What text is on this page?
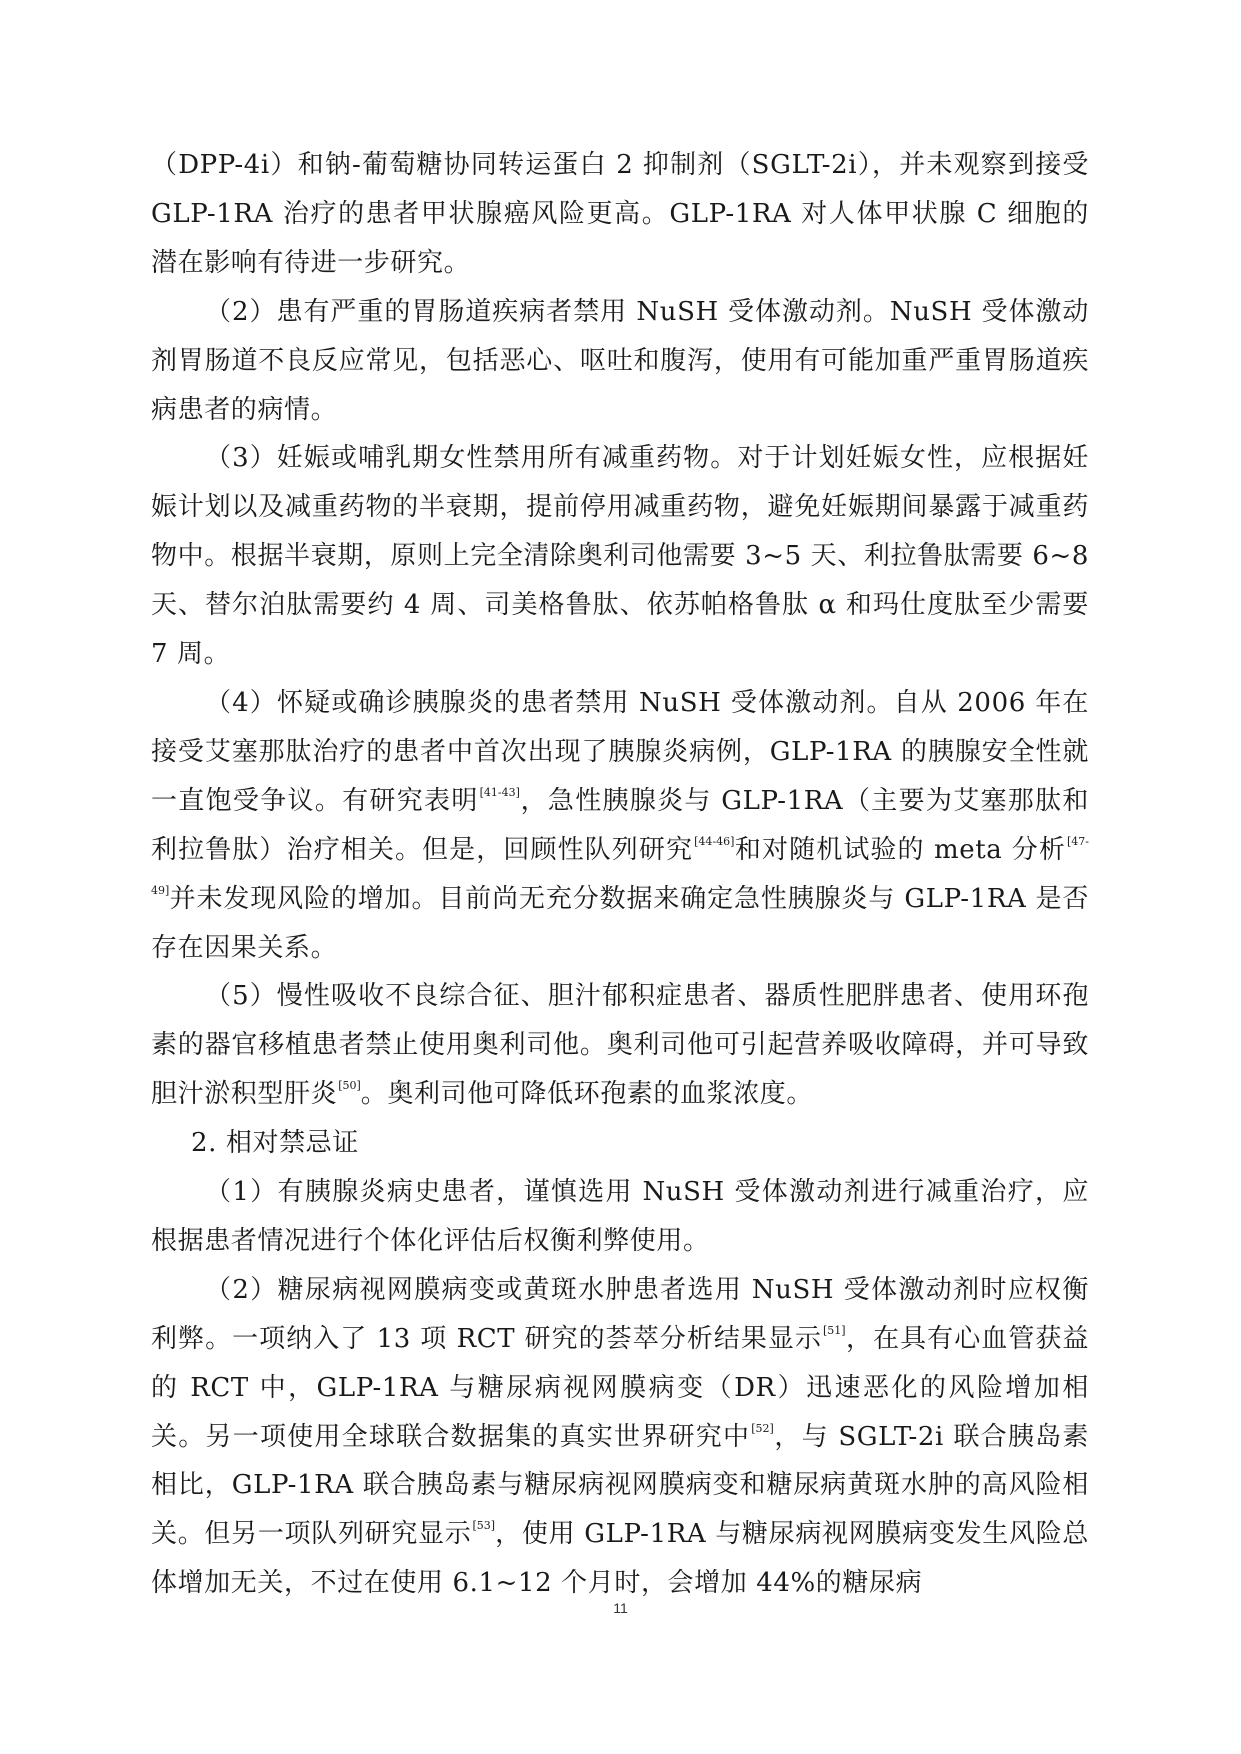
（DPP-4i）和钠-葡萄糖协同转运蛋白 2 抑制剂（SGLT-2i），并未观察到接受 GLP-1RA 治疗的患者甲状腺癌风险更高。GLP-1RA 对人体甲状腺 C 细胞的潜在影响有待进一步研究。

（2）患有严重的胃肠道疾病者禁用 NuSH 受体激动剂。NuSH 受体激动剂胃肠道不良反应常见，包括恶心、呕吐和腹泻，使用有可能加重严重胃肠道疾病患者的病情。

（3）妊娠或哺乳期女性禁用所有减重药物。对于计划妊娠女性，应根据妊娠计划以及减重药物的半衰期，提前停用减重药物，避免妊娠期间暴露于减重药物中。根据半衰期，原则上完全清除奥利司他需要 3~5 天、利拉鲁肽需要 6~8 天、替尔泊肽需要约 4 周、司美格鲁肽、依苏帕格鲁肽 α 和玛仕度肽至少需要 7 周。

（4）怀疑或确诊胰腺炎的患者禁用 NuSH 受体激动剂。自从 2006 年在接受艾塞那肽治疗的患者中首次出现了胰腺炎病例，GLP-1RA 的胰腺安全性就一直饱受争议。有研究表明[41-43]，急性胰腺炎与 GLP-1RA（主要为艾塞那肽和利拉鲁肽）治疗相关。但是，回顾性队列研究[44-46]和对随机试验的 meta 分析[47-49]并未发现风险的增加。目前尚无充分数据来确定急性胰腺炎与 GLP-1RA 是否存在因果关系。

（5）慢性吸收不良综合征、胆汁郁积症患者、器质性肥胖患者、使用环孢素的器官移植患者禁止使用奥利司他。奥利司他可引起营养吸收障碍，并可导致胆汁淤积型肝炎[50]。奥利司他可降低环孢素的血浆浓度。

2. 相对禁忌证

（1）有胰腺炎病史患者，谨慎选用 NuSH 受体激动剂进行减重治疗，应根据患者情况进行个体化评估后权衡利弊使用。

（2）糖尿病视网膜病变或黄斑水肿患者选用 NuSH 受体激动剂时应权衡利弊。一项纳入了 13 项 RCT 研究的荟萃分析结果显示[51]，在具有心血管获益的 RCT 中，GLP-1RA 与糖尿病视网膜病变（DR）迅速恶化的风险增加相关。另一项使用全球联合数据集的真实世界研究中[52]，与 SGLT-2i 联合胰岛素相比，GLP-1RA 联合胰岛素与糖尿病视网膜病变和糖尿病黄斑水肿的高风险相关。但另一项队列研究显示[53]，使用 GLP-1RA 与糖尿病视网膜病变发生风险总体增加无关，不过在使用 6.1~12 个月时，会增加 44%的糖尿病

11
